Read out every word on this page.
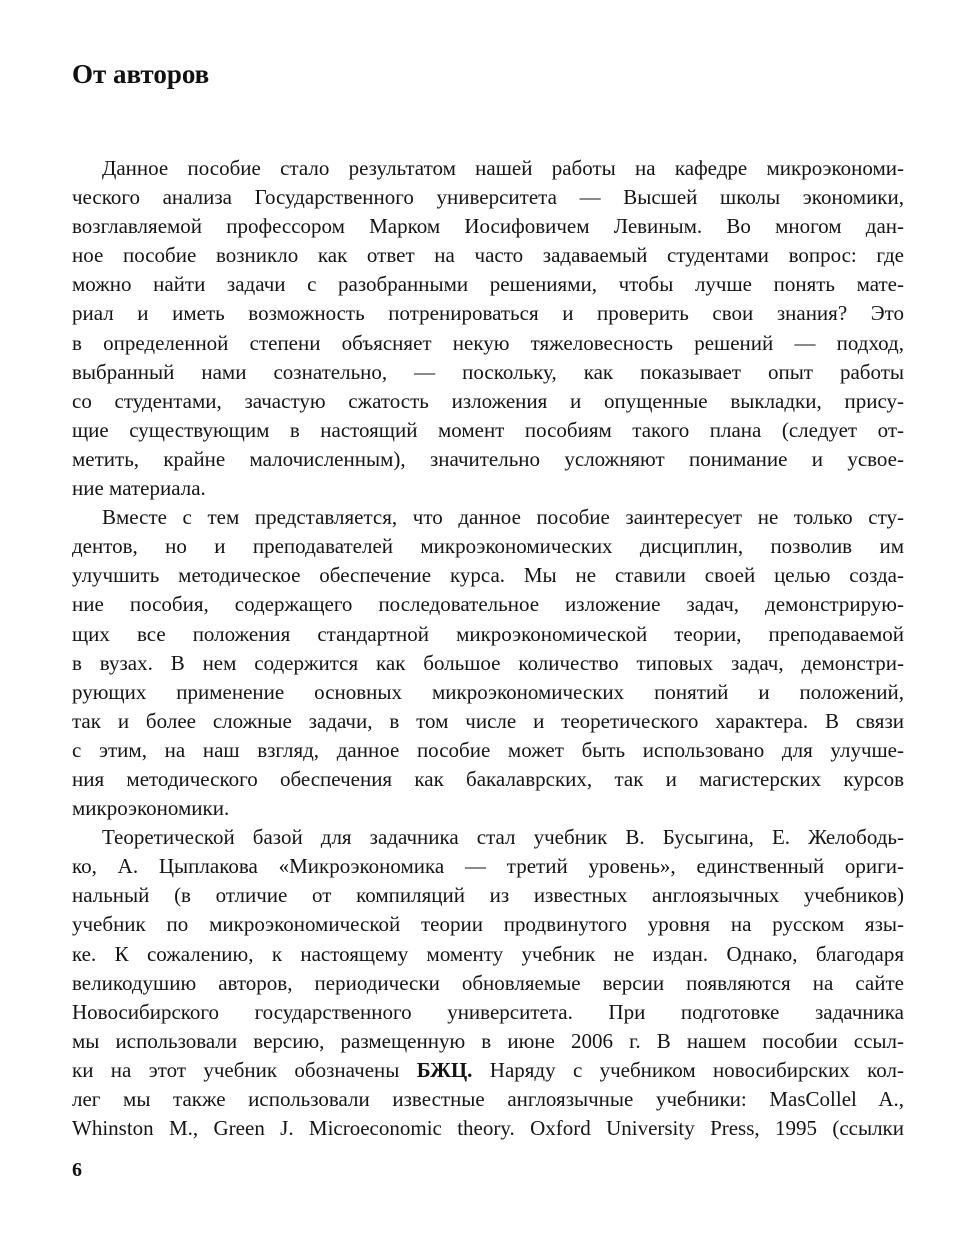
От авторов

Данное пособие стало результатом нашей работы на кафедре микроэкономи-
ческого анализа Государственного университета — Высшей школы экономики,
возглавляемой профессором Марком Иосифовичем Левиным. Во многом дан-
ное пособие возникло как ответ на часто задаваемый студентами вопрос: где
можно найти задачи с разобранными решениями, чтобы лучше понять мате-
риал и иметь возможность потренироваться и проверить свои знания? Это
в определенной степени объясняет некую тяжеловесность решений — подход,
выбранный нами сознательно, — поскольку, как показывает опыт работы
со студентами, зачастую сжатость изложения и опущенные выкладки, прису-
щие существующим в настоящий момент пособиям такого плана (следует от-
метить, крайне малочисленным), значительно усложняют понимание и усвое-
ние материала.

Вместе с тем представляется, что данное пособие заинтересует не только сту-
дентов, но и преподавателей микроэкономических дисциплин, позволив им
улучшить методическое обеспечение курса. Мы не ставили своей целью созда-
ние пособия, содержащего последовательное изложение задач, демонстрирую-
щих все положения стандартной микроэкономической теории, преподаваемой
в вузах. В нем содержится как большое количество типовых задач, демонстри-
рующих применение основных микроэкономических понятий и положений,
так и более сложные задачи, в том числе и теоретического характера. В связи
с этим, на наш взгляд, данное пособие может быть использовано для улучше-
ния методического обеспечения как бакалаврских, так и магистерских курсов
микроэкономики.

Теоретической базой для задачника стал учебник В. Бусыгина, Е. Желободь-
ко, А. Цыплакова «Микроэкономика — третий уровень», единственный ориги-
нальный (в отличие от компиляций из известных англоязычных учебников)
учебник по микроэкономической теории продвинутого уровня на русском язы-
ке. К сожалению, к настоящему моменту учебник не издан. Однако, благодаря
великодушию авторов, периодически обновляемые версии появляются на сайте
Новосибирского государственного университета. При подготовке задачника
мы использовали версию, размещенную в июне 2006 г. В нашем пособии ссыл-
ки на этот учебник обозначены БЖЦ. Наряду с учебником новосибирских кол-
лег мы также использовали известные англоязычные учебники: MasCollel A.,
Whinston M., Green J. Microeconomic theory. Oxford University Press, 1995 (ссылки

6
